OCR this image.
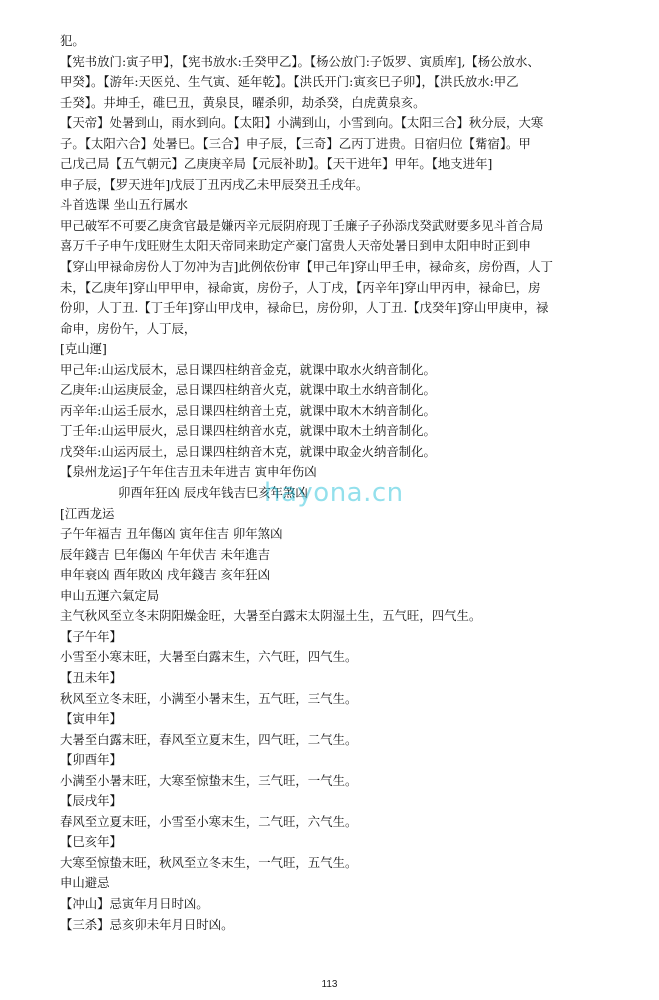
犯。
【宪书放门:寅子甲】，【宪书放水:壬癸甲乙】。【杨公放门:子饭罗、寅质库],【杨公放水、
甲癸】。【游年:天医兑、生气寅、延年乾】。【洪氏开门:寅亥巳子卯】，【洪氏放水:甲乙
壬癸】。井坤壬，碓巳丑，黄泉艮，曜杀卯，劫杀癸，白虎黄泉亥。
【天帝】处暑到山，雨水到向。【太阳】小满到山，小雪到向。【太阳三合】秋分辰，大寒
子。【太阳六合】处暑巳。【三合】申子辰，【三奇】乙丙丁进贵。日宿归位【觜宿】。甲
己戊己局【五气朝元】乙庚庚辛局【元辰补助】。【天干进年】甲年。【地支进年]
申子辰，【罗天进年]戊辰丁丑丙戌乙未甲辰癸丑壬戌年。
斗首选课 坐山五行属水
甲己破军不可要乙庚贪官最是嫌丙辛元辰阴府现丁壬廉子子孙添戊癸武财要多见斗首合局
喜万千子申午戊旺财生太阳天帝同来助定产豪门富贵人天帝处暑日到申太阳申时正到申
【穿山甲禄命房份人丁勿冲为吉]此例依份审【甲己年]穿山甲壬申，禄命亥，房份酉，人丁
未，【乙庚年]穿山甲甲申，禄命寅，房份子，人丁戌，【丙辛年]穿山甲丙申，禄命巳，房
份卯，人丁丑.【丁壬年]穿山甲戊申，禄命巳，房份卯，人丁丑.【戊癸年]穿山甲庚申，禄
命申，房份午，人丁辰，
[克山運]
甲己年:山运戊辰木，忌日课四柱纳音金克，就课中取水火纳音制化。
乙庚年:山运庚辰金，忌日课四柱纳音火克，就课中取土水纳音制化。
丙辛年:山运壬辰水，忌日课四柱纳音土克，就课中取木木纳音制化。
丁壬年:山运甲辰火，忌日课四柱纳音水克，就课中取木土纳音制化。
戊癸年:山运丙辰土，忌日课四柱纳音木克，就课中取金火纳音制化。
【泉州龙运]子午年住吉丑未年进吉 寅申年伤凶
卯酉年狂凶 辰戌年钱吉巳亥年煞凶
[江西龙运
子午年福吉 丑年傷凶 寅年住吉 卯年煞凶
辰年錢吉 巳年傷凶 午年伏吉 未年進吉
申年衰凶 酉年敗凶 戌年錢吉 亥年狂凶
申山五運六氣定局
主气秋风至立冬末阴阳燥金旺，大暑至白露末太阴湿土生，五气旺，四气生。
【子午年】
小雪至小寒末旺，大暑至白露末生，六气旺，四气生。
【丑未年】
秋风至立冬末旺，小满至小暑末生，五气旺，三气生。
【寅申年】
大暑至白露末旺，春风至立夏末生，四气旺，二气生。
【卯酉年】
小满至小暑末旺，大寒至惊蛰末生，三气旺，一气生。
【辰戌年】
春风至立夏末旺，小雪至小寒末生，二气旺，六气生。
【巳亥年】
大寒至惊蛰末旺，秋风至立冬末生，一气旺，五气生。
申山避忌
【冲山】忌寅年月日时凶。
【三杀】忌亥卯未年月日时凶。
hayona.cn
113
